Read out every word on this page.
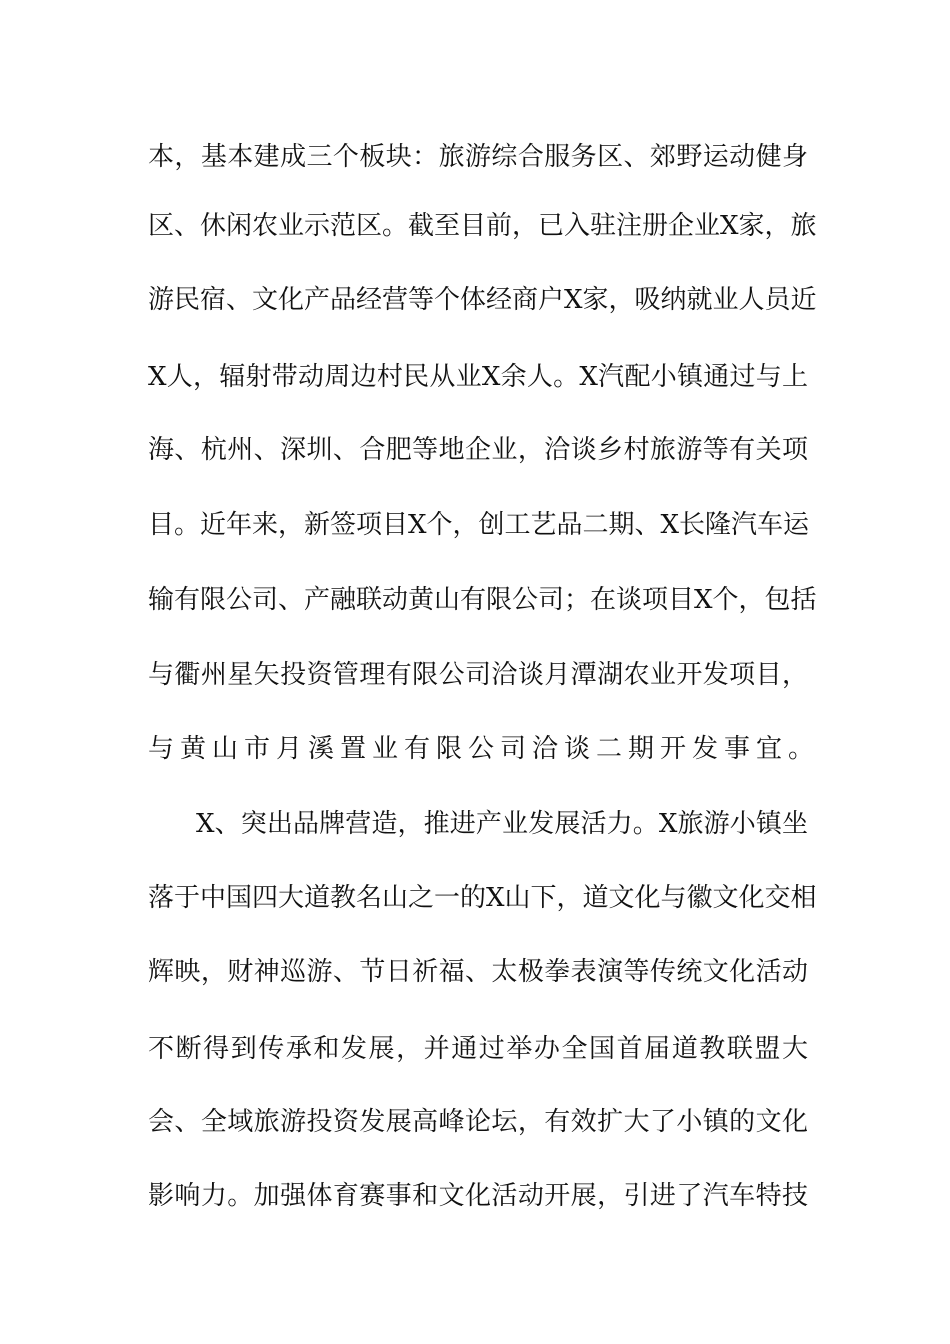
本，基本建成三个板块：旅游综合服务区、郊野运动健身
区、休闲农业示范区。截至目前，已入驻注册企业X家，旅
游民宿、文化产品经营等个体经商户X家，吸纳就业人员近
X人，辐射带动周边村民从业X余人。X汽配小镇通过与上
海、杭州、深圳、合肥等地企业，洽谈乡村旅游等有关项
目。近年来，新签项目X个，创工艺品二期、X长隆汽车运
输有限公司、产融联动黄山有限公司；在谈项目X个，包括
与衢州星矢投资管理有限公司洽谈月潭湖农业开发项目，
与黄山市月溪置业有限公司洽谈二期开发事宜。
X、突出品牌营造，推进产业发展活力。X旅游小镇坐
落于中国四大道教名山之一的X山下，道文化与徽文化交相
辉映，财神巡游、节日祈福、太极拳表演等传统文化活动
不断得到传承和发展，并通过举办全国首届道教联盟大
会、全域旅游投资发展高峰论坛，有效扩大了小镇的文化
影响力。加强体育赛事和文化活动开展，引进了汽车特技
